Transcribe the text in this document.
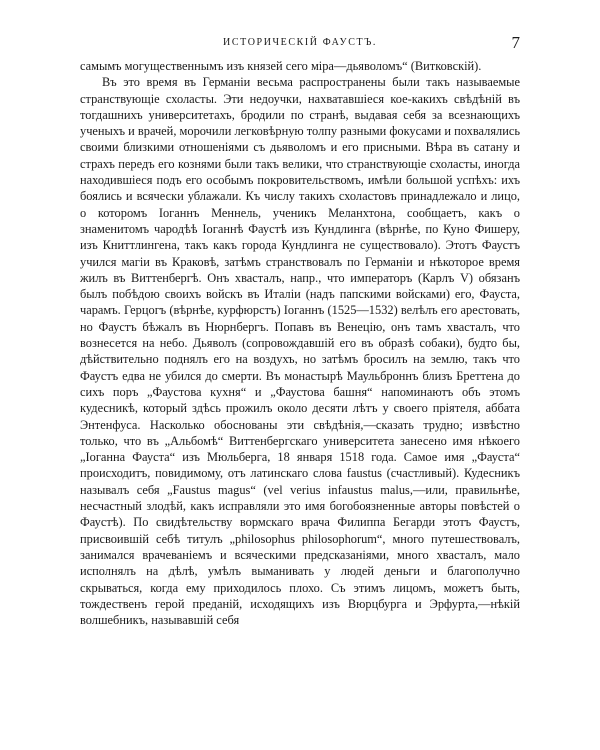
ИСТОРИЧЕСКІЙ ФАУСТЪ.	7

самымъ могущественнымъ изъ князей сего міра—дьяволомъ“ (Витковскій).

Въ это время въ Германіи весьма распространены были такъ называемые странствующіе схоласты. Эти недоучки, нахватавшіеся кое-какихъ свѣдѣній въ тогдашнихъ университетахъ, бродили по странѣ, выдавая себя за всезнающихъ ученыхъ и врачей, морочили легковѣрную толпу разными фокусами и похвалялись своими близкими отношеніями съ дьяволомъ и его присными. Вѣра въ сатану и страхъ передъ его кознями были такъ велики, что странствующіе схоласты, иногда находившіеся подъ его особымъ покровительствомъ, имѣли большой успѣхъ: ихъ боялись и всячески ублажали. Къ числу такихъ схоластовъ принадлежало и лицо, о которомъ Іоганнъ Меннель, ученикъ Меланхтона, сообщаетъ, какъ о знаменитомъ чародѣѣ Іоганнѣ Фаустѣ изъ Кундлинга (вѣрнѣе, по Куно Фишеру, изъ Книттлингена, такъ какъ города Кундлинга не существовало). Этотъ Фаустъ учился магіи въ Краковѣ, затѣмъ странствовалъ по Германіи и нѣкоторое время жилъ въ Виттенбергѣ. Онъ хвасталъ, напр., что императоръ (Карлъ V) обязанъ былъ побѣдою своихъ войскъ въ Италіи (надъ папскими войсками) его, Фауста, чарамъ. Герцогъ (вѣрнѣе, курфюрстъ) Іоганнъ (1525—1532) велѣлъ его арестовать, но Фаустъ бѣжалъ въ Нюрнбергъ. Попавъ въ Венецію, онъ тамъ хвасталъ, что вознесется на небо. Дьяволъ (сопровождавшій его въ образѣ собаки), будто бы, дѣйствительно поднялъ его на воздухъ, но затѣмъ бросилъ на землю, такъ что Фаустъ едва не убился до смерти. Въ монастырѣ Маульброннъ близъ Бреттена до сихъ поръ „Фаустова кухня“ и „Фаустова башня“ напоминаютъ объ этомъ кудесникѣ, который здѣсь прожилъ около десяти лѣтъ у своего пріятеля, аббата Энтенфуса. Насколько обоснованы эти свѣдѣнія,—сказать трудно; извѣстно только, что въ „Альбомѣ“ Виттенбергскаго университета занесено имя нѣкоего „Іоганна Фауста“ изъ Мюльберга, 18 января 1518 года. Самое имя „Фауста“ происходитъ, повидимому, отъ латинскаго слова faustus (счастливый). Кудесникъ называлъ себя „Faustus magus“ (vel verius infaustus malus,—или, правильнѣе, несчастный злодѣй, какъ исправляли это имя богобоязненные авторы повѣстей о Фаустѣ). По свидѣтельству вормскаго врача Филиппа Бегарди этотъ Фаустъ, присвоившій себѣ титулъ „philosophus philosophorum“, много путешествовалъ, занимался врачеваніемъ и всяческими предсказаніями, много хвасталъ, мало исполнялъ на дѣлѣ, умѣлъ выманивать у людей деньги и благополучно скрываться, когда ему приходилось плохо. Съ этимъ лицомъ, можетъ быть, тождественъ герой преданій, исходящихъ изъ Вюрцбурга и Эрфурта,—нѣкій волшебникъ, называвшій себя
